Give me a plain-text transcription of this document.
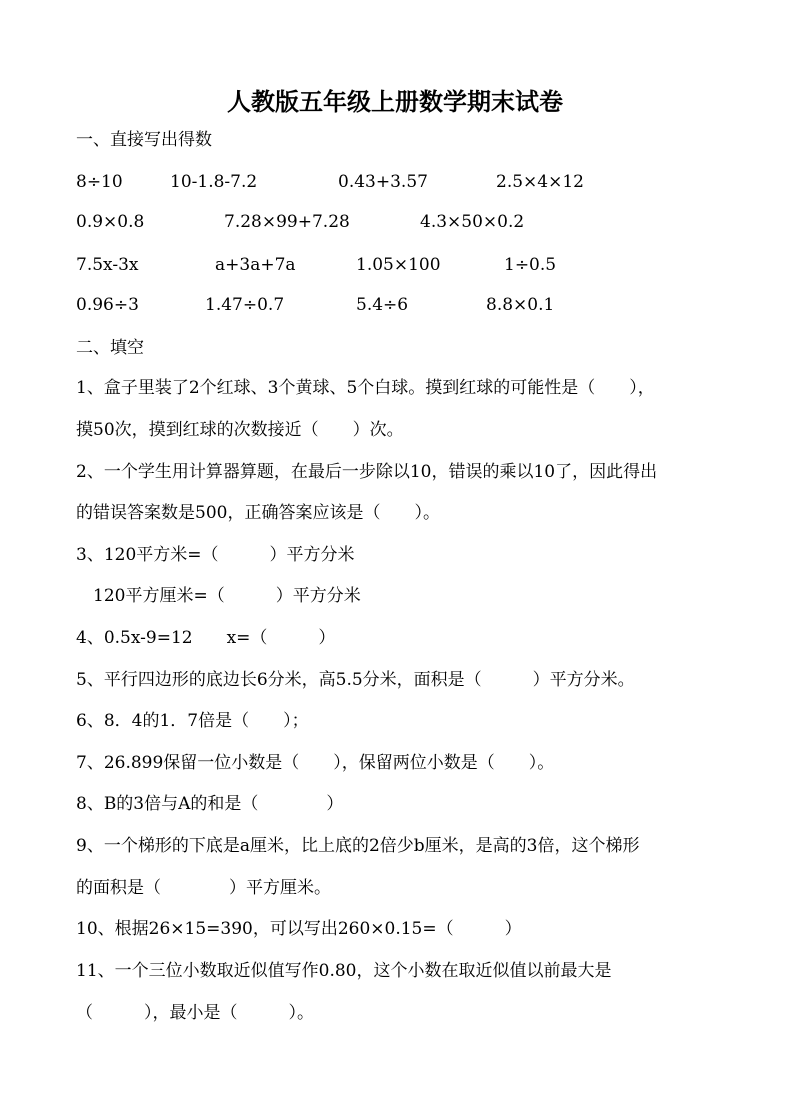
人教版五年级上册数学期末试卷
一、直接写出得数
8÷10	10-1.8-7.2	0.43+3.57	2.5×4×12
0.9×0.8	7.28×99+7.28	4.3×50×0.2
7.5x-3x	a+3a+7a	1.05×100	1÷0.5
0.96÷3	1.47÷0.7	5.4÷6	8.8×0.1
二、填空
1、盒子里装了2个红球、3个黄球、5个白球。摸到红球的可能性是（　　），
摸50次，摸到红球的次数接近（　　）次。
2、一个学生用计算器算题，在最后一步除以10，错误的乘以10了，因此得出
的错误答案数是500，正确答案应该是（　　）。
3、120平方米=（　　　）平方分米
　120平方厘米=（　　　）平方分米
4、0.5x-9=12　　x=（　　　）
5、平行四边形的底边长6分米，高5.5分米，面积是（　　　）平方分米。
6、8．4的1．7倍是（　　）；
7、26.899保留一位小数是（　　），保留两位小数是（　　）。
8、B的3倍与A的和是（　　　　）
9、一个梯形的下底是a厘米，比上底的2倍少b厘米，是高的3倍，这个梯形
的面积是（　　　　）平方厘米。
10、根据26×15=390，可以写出260×0.15=（　　　）
11、一个三位小数取近似值写作0.80，这个小数在取近似值以前最大是
（　　　），最小是（　　　）。
